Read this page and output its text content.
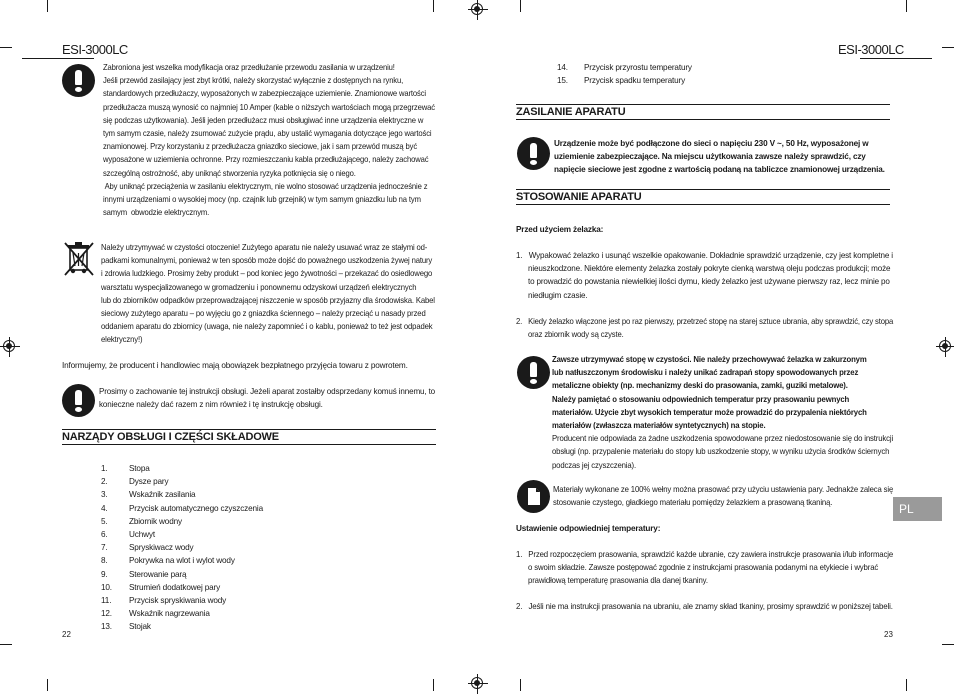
ESI-3000LC
Zabroniona jest wszelka modyfikacja oraz przedłużanie przewodu zasilania w urządzeniu!
Jeśli przewód zasilający jest zbyt krótki, należy skorzystać wyłącznie z dostępnych na rynku,
standardowych przedłużaczy, wyposażonych w zabezpieczające uziemienie. Znamionowe wartości
przedłużacza muszą wynosić co najmniej 10 Amper (kable o niższych wartościach mogą przegrzewać
się podczas użytkowania). Jeśli jeden przedłużacz musi obsługiwać inne urządzenia elektryczne w
tym samym czasie, należy zsumować zużycie prądu, aby ustalić wymagania dotyczące jego wartości
znamionowej. Przy korzystaniu z przedłużacza gniazdko sieciowe, jak i sam przewód muszą być
wyposażone w uziemienia ochronne. Przy rozmieszczaniu kabla przedłużającego, należy zachować
szczególną ostrożność, aby uniknąć stworzenia ryzyka potknięcia się o niego.
Aby uniknąć przeciążenia w zasilaniu elektrycznym, nie wolno stosować urządzenia jednocześnie z
innymi urządzeniami o wysokiej mocy (np. czajnik lub grzejnik) w tym samym gniazdku lub na tym
samym  obwodzie elektrycznym.
Należy utrzymywać w czystości otoczenie! Zużytego aparatu nie należy usuwać wraz ze stałymi od-
padkami komunalnymi, ponieważ w ten sposób może dojść do poważnego uszkodzenia żywej natury
i zdrowia ludzkiego. Prosimy żeby produkt – pod koniec jego żywotności – przekazać do osiedlowego
warsztatu wyspecjalizowanego w gromadzeniu i ponownemu odzyskowi urządzeń elektrycznych
lub do zbiorników odpadków przeprowadzającej niszczenie w sposób przyjazny dla środowiska. Kabel
sieciowy zużytego aparatu – po wyjęciu go z gniazdka ściennego – należy przeciąć u nasady przed
oddaniem aparatu do zbiornicy (uwaga, nie należy zapomnieć i o kablu, ponieważ to też jest odpadek
elektryczny!)
Informujemy, że producent i handlowiec mają obowiązek bezpłatnego przyjęcia towaru z powrotem.
Prosimy o zachowanie tej instrukcji obsługi. Jeżeli aparat zostałby odsprzedany komuś innemu, to
konieczne należy dać razem z nim również i tę instrukcję obsługi.
NARZĄDY OBSŁUGI I CZĘŚCI SKŁADOWE
1.	Stopa
2.	Dysze pary
3.	Wskaźnik zasilania
4.	Przycisk automatycznego czyszczenia
5.	Zbiornik wodny
6.	Uchwyt
7.	Spryskiwacz wody
8.	Pokrywka na wlot i wylot wody
9.	Sterowanie parą
10.	Strumień dodatkowej pary
11.	Przycisk spryskiwania wody
12.	Wskaźnik nagrzewania
13.	Stojak
22
ESI-3000LC
14.	Przycisk przyrostu temperatury
15.	Przycisk spadku temperatury
ZASILANIE APARATU
Urządzenie może być podłączone do sieci o napięciu 230 V ~, 50 Hz, wyposażonej w
uziemienie zabezpieczające. Na miejscu użytkowania zawsze należy sprawdzić, czy
napięcie sieciowe jest zgodne z wartością podaną na tabliczce znamionowej urządzenia.
STOSOWANIE APARATU
Przed użyciem żelazka:
1.   Wypakować żelazko i usunąć wszelkie opakowanie. Dokładnie sprawdzić urządzenie, czy jest kompletne i
nieuszkodzone. Niektóre elementy żelazka zostały pokryte cienką warstwą oleju podczas produkcji; może
to prowadzić do powstania niewielkiej ilości dymu, kiedy żelazko jest używane pierwszy raz, lecz minie po
niedługim czasie.
2.   Kiedy żelazko włączone jest po raz pierwszy, przetrzeć stopę na starej sztuce ubrania, aby sprawdzić, czy stopa
oraz zbiornik wody są czyste.
Zawsze utrzymywać stopę w czystości. Nie należy przechowywać żelazka w zakurzonym
lub natłuszczonym środowisku i należy unikać zadrapań stopy spowodowanych przez
metaliczne obiekty (np. mechanizmy deski do prasowania, zamki, guziki metalowe).
Należy pamiętać o stosowaniu odpowiednich temperatur przy prasowaniu pewnych
materiałów. Użycie zbyt wysokich temperatur może prowadzić do przypalenia niektórych
materiałów (zwłaszcza materiałów syntetycznych) na stopie.
Producent nie odpowiada za żadne uszkodzenia spowodowane przez niedostosowanie się do instrukcji
obsługi (np. przypalenie materiału do stopy lub uszkodzenie stopy, w wyniku użycia środków ściernych
podczas jej czyszczenia).
Materiały wykonane ze 100% wełny można prasować przy użyciu ustawienia pary. Jednakże zaleca się
stosowanie czystego, gładkiego materiału pomiędzy żelazkiem a prasowaną tkaniną.
Ustawienie odpowiedniej temperatury:
1.   Przed rozpoczęciem prasowania, sprawdzić każde ubranie, czy zawiera instrukcje prasowania i/lub informacje
o swoim składzie. Zawsze postępować zgodnie z instrukcjami prasowania podanymi na etykiecie i wybrać
prawidłową temperaturę prasowania dla danej tkaniny.
2.   Jeśli nie ma instrukcji prasowania na ubraniu, ale znamy skład tkaniny, prosimy sprawdzić w poniższej tabeli.
23
PL
